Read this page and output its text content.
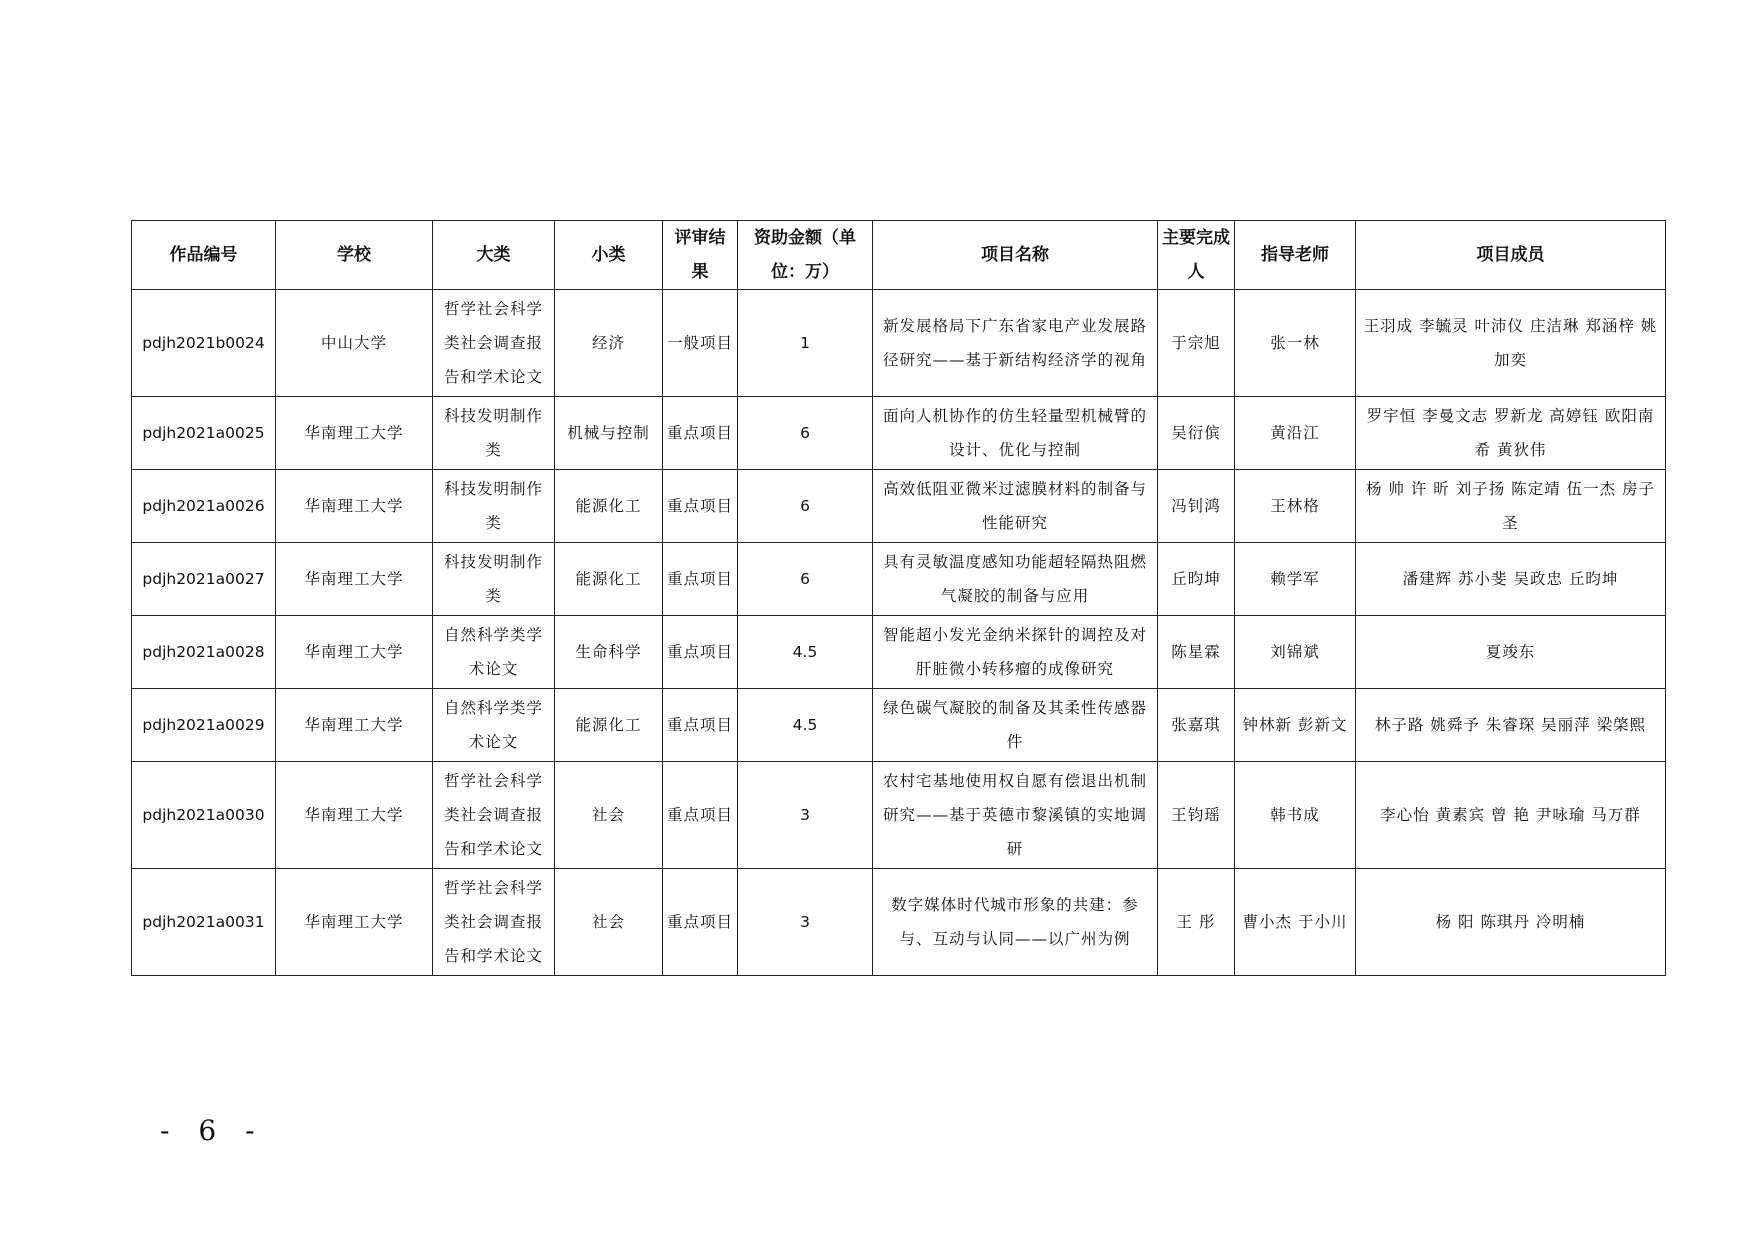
作品编号	学校	大类	小类	评审结果	资助金额（单位：万）	项目名称	主要完成人	指导老师	项目成员
pdjh2021b0024	中山大学	哲学社会科学类社会调查报告和学术论文	经济	一般项目	1	新发展格局下广东省家电产业发展路径研究——基于新结构经济学的视角	于宗旭	张一林	王羽成 李毓灵 叶沛仪 庄洁琳 郑涵梓 姚加奕
pdjh2021a0025	华南理工大学	科技发明制作类	机械与控制	重点项目	6	面向人机协作的仿生轻量型机械臂的设计、优化与控制	吴衍傧	黄沿江	罗宇恒 李曼文志 罗新龙 高婷钰 欧阳南希 黄狄伟
pdjh2021a0026	华南理工大学	科技发明制作类	能源化工	重点项目	6	高效低阻亚微米过滤膜材料的制备与性能研究	冯钊鸿	王林格	杨 帅 许 昕 刘子扬 陈定靖 伍一杰 房子圣
pdjh2021a0027	华南理工大学	科技发明制作类	能源化工	重点项目	6	具有灵敏温度感知功能超轻隔热阻燃气凝胶的制备与应用	丘昀坤	赖学军	潘建辉 苏小斐 吴政忠 丘昀坤
pdjh2021a0028	华南理工大学	自然科学类学术论文	生命科学	重点项目	4.5	智能超小发光金纳米探针的调控及对肝脏微小转移瘤的成像研究	陈星霖	刘锦斌	夏竣东
pdjh2021a0029	华南理工大学	自然科学类学术论文	能源化工	重点项目	4.5	绿色碳气凝胶的制备及其柔性传感器件	张嘉琪	钟林新 彭新文	林子路 姚舜予 朱睿琛 吴丽萍 梁棨熙
pdjh2021a0030	华南理工大学	哲学社会科学类社会调查报告和学术论文	社会	重点项目	3	农村宅基地使用权自愿有偿退出机制研究——基于英德市黎溪镇的实地调研	王钧瑶	韩书成	李心怡 黄素宾 曾 艳 尹咏瑜 马万群
pdjh2021a0031	华南理工大学	哲学社会科学类社会调查报告和学术论文	社会	重点项目	3	数字媒体时代城市形象的共建：参与、互动与认同——以广州为例	王 彤	曹小杰 于小川	杨 阳 陈琪丹 冷明楠
- 6 -
